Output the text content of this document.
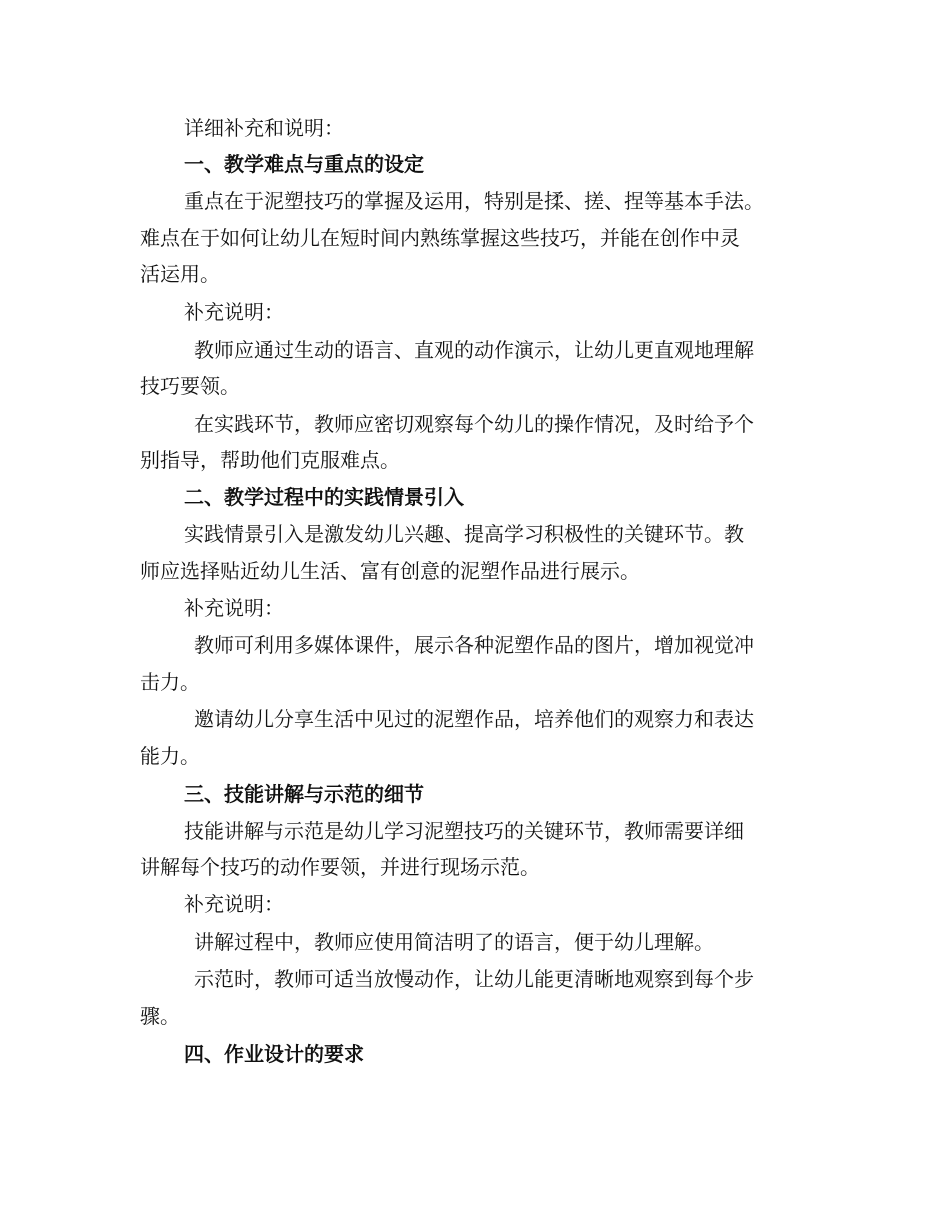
详细补充和说明：
一、教学难点与重点的设定
重点在于泥塑技巧的掌握及运用，特别是揉、搓、捏等基本手法。
难点在于如何让幼儿在短时间内熟练掌握这些技巧，并能在创作中灵
活运用。
补充说明：
教师应通过生动的语言、直观的动作演示，让幼儿更直观地理解
技巧要领。
在实践环节，教师应密切观察每个幼儿的操作情况，及时给予个
别指导，帮助他们克服难点。
二、教学过程中的实践情景引入
实践情景引入是激发幼儿兴趣、提高学习积极性的关键环节。教
师应选择贴近幼儿生活、富有创意的泥塑作品进行展示。
补充说明：
教师可利用多媒体课件，展示各种泥塑作品的图片，增加视觉冲
击力。
邀请幼儿分享生活中见过的泥塑作品，培养他们的观察力和表达
能力。
三、技能讲解与示范的细节
技能讲解与示范是幼儿学习泥塑技巧的关键环节，教师需要详细
讲解每个技巧的动作要领，并进行现场示范。
补充说明：
讲解过程中，教师应使用简洁明了的语言，便于幼儿理解。
示范时，教师可适当放慢动作，让幼儿能更清晰地观察到每个步
骤。
四、作业设计的要求
